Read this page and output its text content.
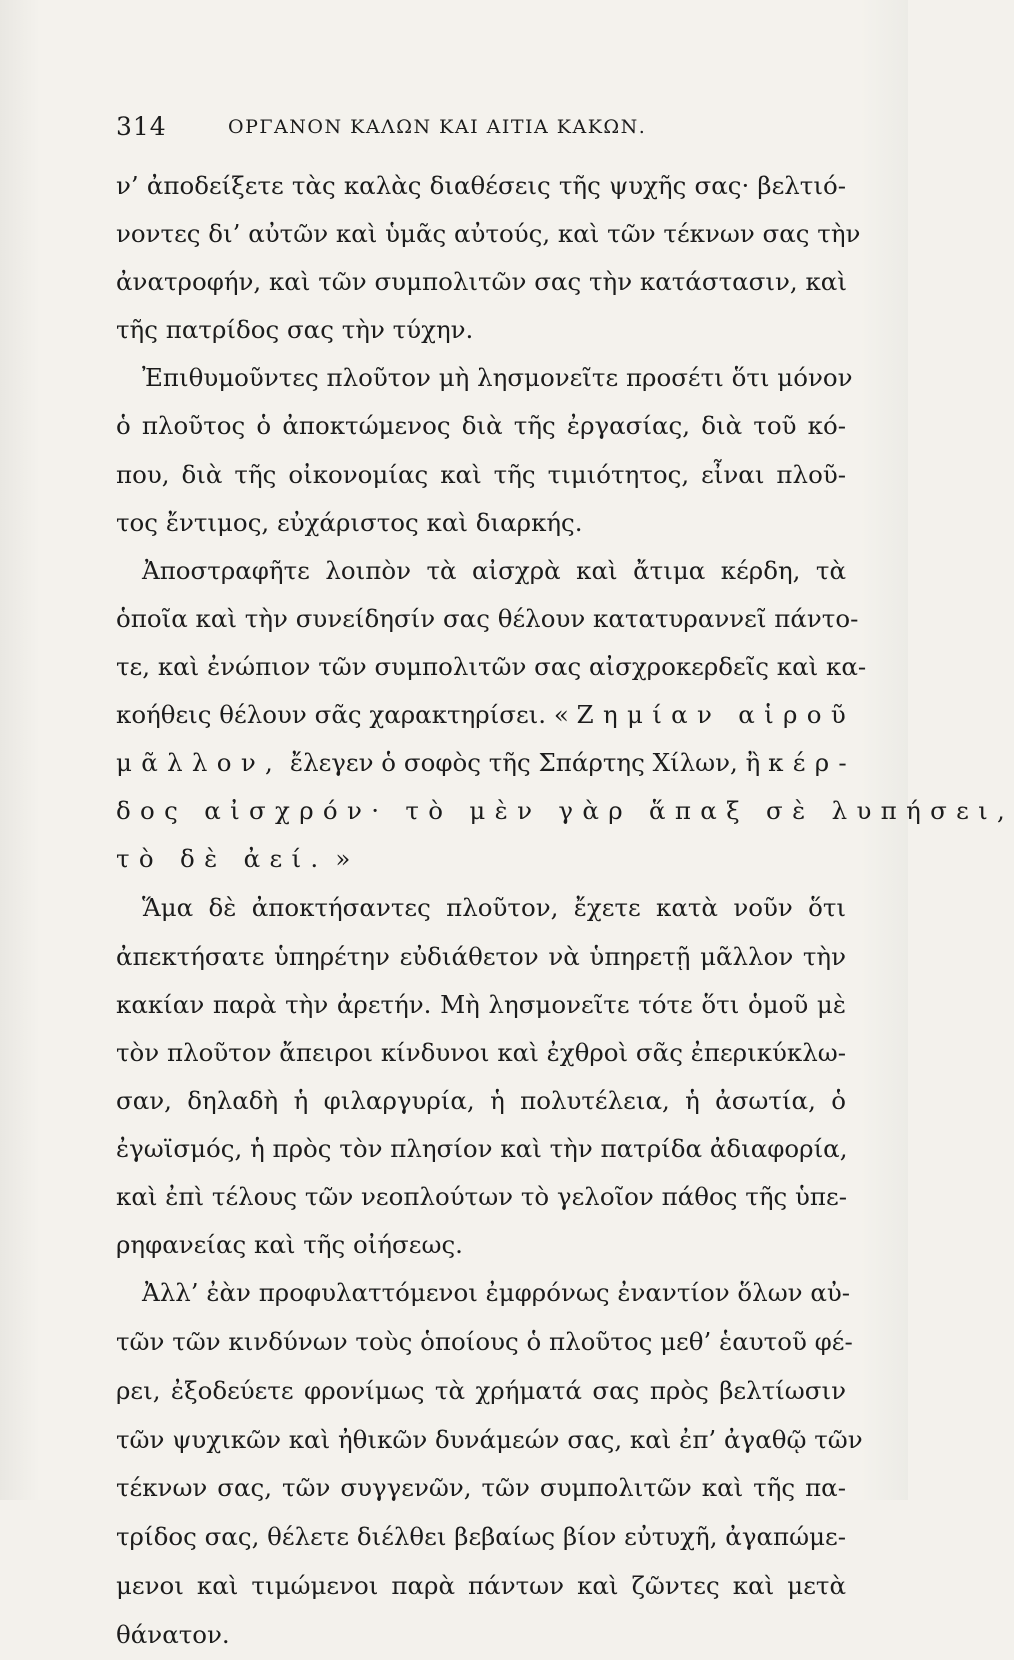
314	ΟΡΓΑΝΟΝ ΚΑΛΩΝ ΚΑΙ ΑΙΤΙΑ ΚΑΚΩΝ.
ν’ ἀποδείξετε τὰς καλὰς διαθέσεις τῆς ψυχῆς σας· βελτιό-
νοντες δι’ αὐτῶν καὶ ὑμᾶς αὐτούς, καὶ τῶν τέκνων σας τὴν
ἀνατροφήν, καὶ τῶν συμπολιτῶν σας τὴν κατάστασιν, καὶ
τῆς πατρίδος σας τὴν τύχην.
Ἐπιθυμοῦντες πλοῦτον μὴ λησμονεῖτε προσέτι ὅτι μόνον
ὁ πλοῦτος ὁ ἀποκτώμενος διὰ τῆς ἐργασίας, διὰ τοῦ κό-
που, διὰ τῆς οἰκονομίας καὶ τῆς τιμιότητος, εἶναι πλοῦ-
τος ἔντιμος, εὐχάριστος καὶ διαρκής.
Ἀποστραφῆτε λοιπὸν τὰ αἰσχρὰ καὶ ἄτιμα κέρδη, τὰ
ὁποῖα καὶ τὴν συνείδησίν σας θέλουν κατατυραννεῖ πάντο-
τε, καὶ ἐνώπιον τῶν συμπολιτῶν σας αἰσχροκερδεῖς καὶ κα-
κοήθεις θέλουν σᾶς χαρακτηρίσει. « Ζημίαν αἱροῦ
μᾶλλον, ἔλεγεν ὁ σοφὸς τῆς Σπάρτης Χίλων, ἢ κέρ-
δος αἰσχρόν· τὸ μὲν γὰρ ἅπαξ σὲ λυπήσει,
τὸ δὲ ἀεί. »
Ἅμα δὲ ἀποκτήσαντες πλοῦτον, ἔχετε κατὰ νοῦν ὅτι
ἀπεκτήσατε ὑπηρέτην εὐδιάθετον νὰ ὑπηρετῇ μᾶλλον τὴν
κακίαν παρὰ τὴν ἀρετήν. Μὴ λησμονεῖτε τότε ὅτι ὁμοῦ μὲ
τὸν πλοῦτον ἄπειροι κίνδυνοι καὶ ἐχθροὶ σᾶς ἐπερικύκλω-
σαν, δηλαδὴ ἡ φιλαργυρία, ἡ πολυτέλεια, ἡ ἀσωτία, ὁ
ἐγωϊσμός, ἡ πρὸς τὸν πλησίον καὶ τὴν πατρίδα ἀδιαφορία,
καὶ ἐπὶ τέλους τῶν νεοπλούτων τὸ γελοῖον πάθος τῆς ὑπε-
ρηφανείας καὶ τῆς οἰήσεως.
Ἀλλ’ ἐὰν προφυλαττόμενοι ἐμφρόνως ἐναντίον ὅλων αὐ-
τῶν τῶν κινδύνων τοὺς ὁποίους ὁ πλοῦτος μεθ’ ἑαυτοῦ φέ-
ρει, ἐξοδεύετε φρονίμως τὰ χρήματά σας πρὸς βελτίωσιν
τῶν ψυχικῶν καὶ ἠθικῶν δυνάμεών σας, καὶ ἐπ’ ἀγαθῷ τῶν
τέκνων σας, τῶν συγγενῶν, τῶν συμπολιτῶν καὶ τῆς πα-
τρίδος σας, θέλετε διέλθει βεβαίως βίον εὐτυχῆ, ἀγαπώμε-
μενοι καὶ τιμώμενοι παρὰ πάντων καὶ ζῶντες καὶ μετὰ
θάνατον.
